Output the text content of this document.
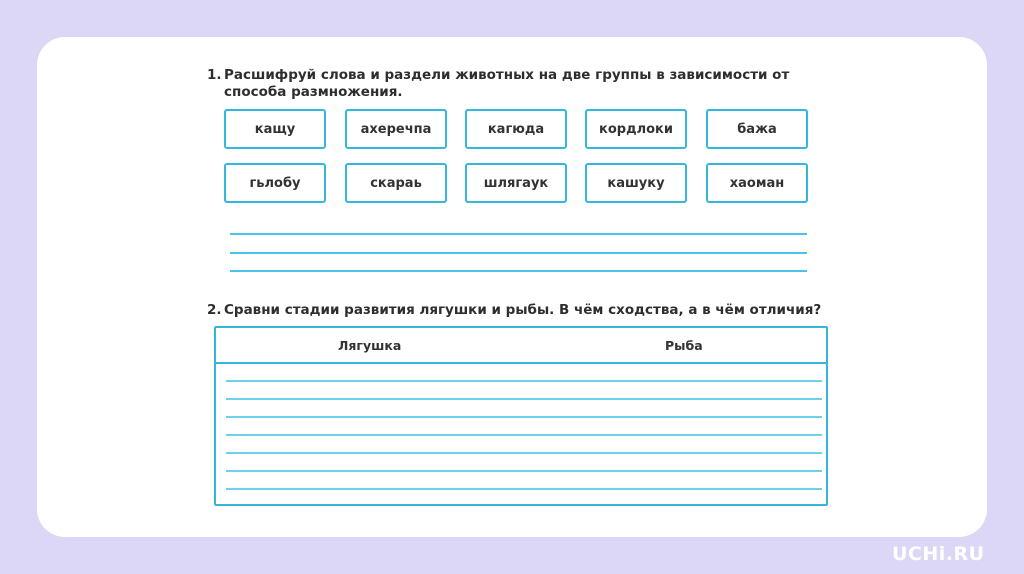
1. Расшифруй слова и раздели животных на две группы в зависимости от способа размножения.
кащу	ахеречпа	кагюда	кордлоки	бажа
гьлобу	скараь	шлягаук	кашуку	хаоман
2. Сравни стадии развития лягушки и рыбы. В чём сходства, а в чём отличия?
Лягушка	Рыба
UCHi.RU
